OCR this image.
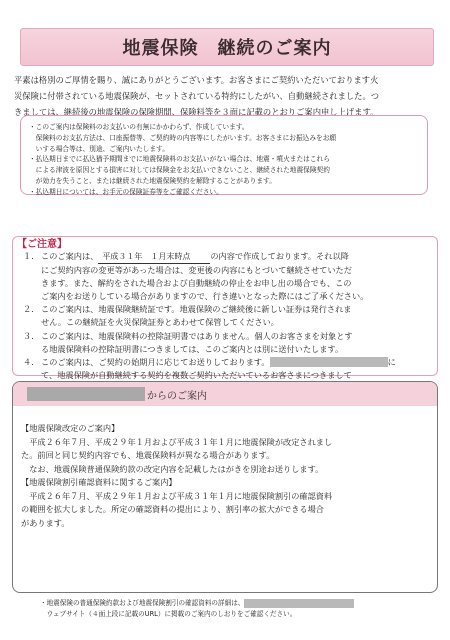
地震保険　継続のご案内
平素は格別のご厚情を賜り、誠にありがとうございます。お客さまにご契約いただいております火
災保険に付帯されている地震保険が、セットされている特約にしたがい、自動継続されました。つ
きましては、継続後の地震保険の保険期間、保険料等を３面に記載のとおりご案内申し上げます。
・このご案内は保険料のお支払いの有無にかかわらず、作成しています。
　保険料のお支払方法は、口座振替等、ご契約時の内容等にしたがいます。お客さまにお振込みをお願
　いする場合等は、別途、ご案内いたします。
・払込期日までに払込猶予期間までに地震保険料のお支払いがない場合は、地震・噴火またはこれら
　による津波を原因とする損害に対しては保険金をお支払いできないこと、継続された地震保険契約
　が効力を失うこと、または継続された地震保険契約を解除することがあります。
・払込期日については、お手元の保険証券等をご確認ください。
【ご注意】
１． このご案内は、 平成３１年　１月末時点 の内容で作成しております。それ以降
にご契約内容の変更等があった場合は、変更後の内容にもとづいて継続させていただ
きます。また、解約をされた場合および自動継続の停止をお申し出の場合でも、この
ご案内をお送りしている場合がありますので、行き違いとなった際にはご了承ください。
２． このご案内は、地震保険継続証です。地震保険のご継続後に新しい証券は発行されま
せん。この継続証を火災保険証券とあわせて保管してください。
３． このご案内は、地震保険料の控除証明書ではありません。個人のお客さまを対象とす
る地震保険料の控除証明書につきましては、このご案内とは別に送付いたします。
４． このご案内は、ご契約の始期月に応じてお送りしております。	に
て、地震保険が自動継続する契約を複数ご契約いただいているお客さまにつきまして
からのご案内
【地震保険改定のご案内】
　平成２６年７月、平成２９年１月および平成３１年１月に地震保険が改定されまし
た。前回と同じ契約内容でも、地震保険料が異なる場合があります。
　なお、地震保険普通保険約款の改定内容を記載したはがきを別途お送りします。
【地震保険割引確認資料に関するご案内】
　平成２６年７月、平成２９年１月および平成３１年１月に地震保険割引の確認資料
の範囲を拡大しました。所定の確認資料の提出により、割引率の拡大ができる場合
があります。
・地震保険の普通保険約款および地震保険割引の確認資料の詳細は、
　ウェブサイト（４面上段に記載のURL）に掲載のご案内のしおりをご確認ください。
